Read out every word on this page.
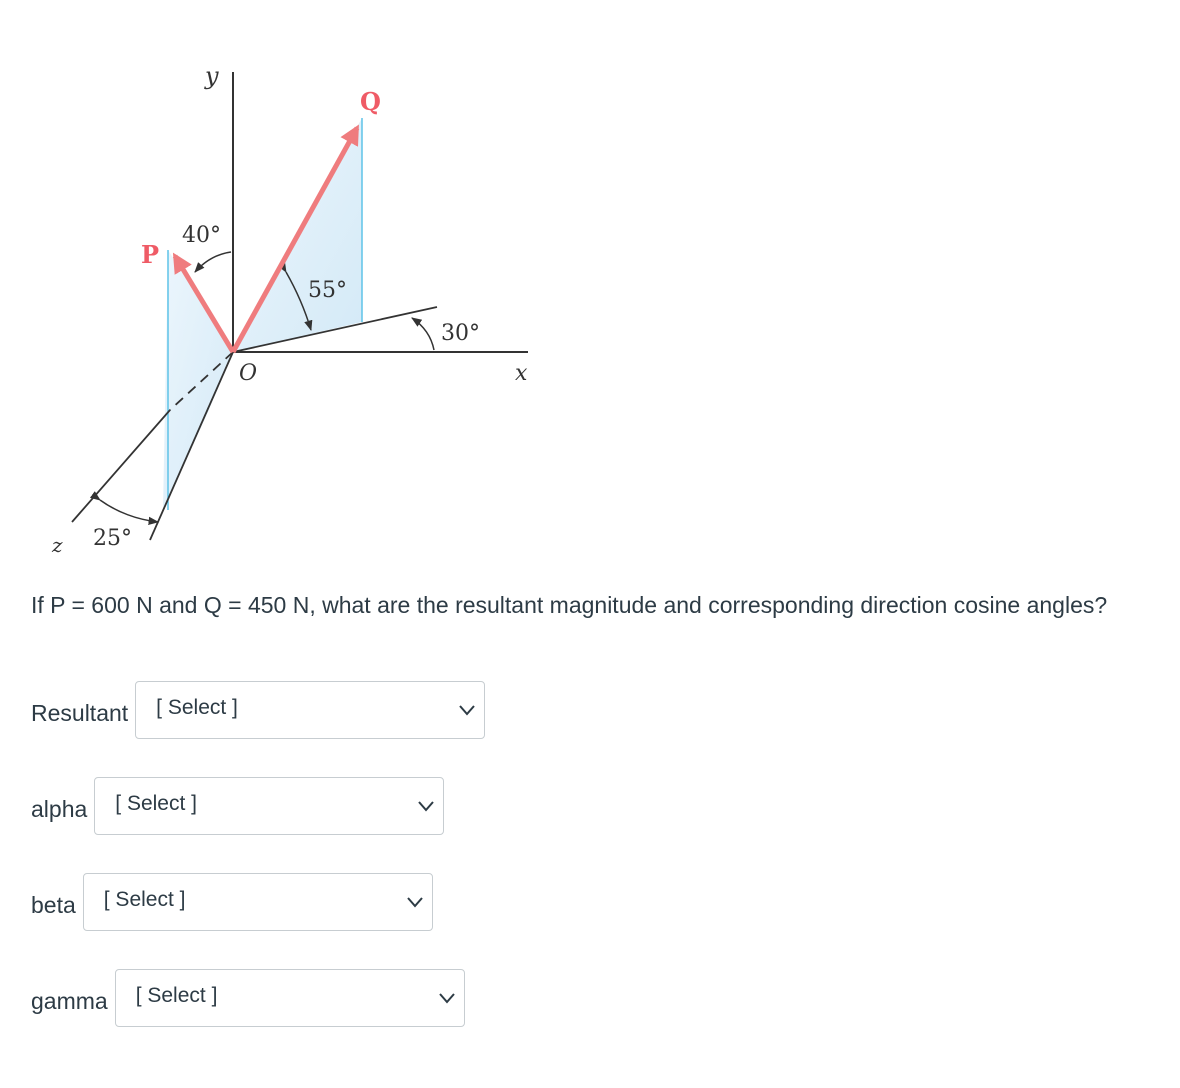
y
Q
40°
P
55°
30°
O	x
25°
z
If P = 600 N and Q = 450 N, what are the resultant magnitude and corresponding direction cosine angles?
Resultant [ Select ]
alpha [ Select ]
beta [ Select ]
gamma [ Select ]
